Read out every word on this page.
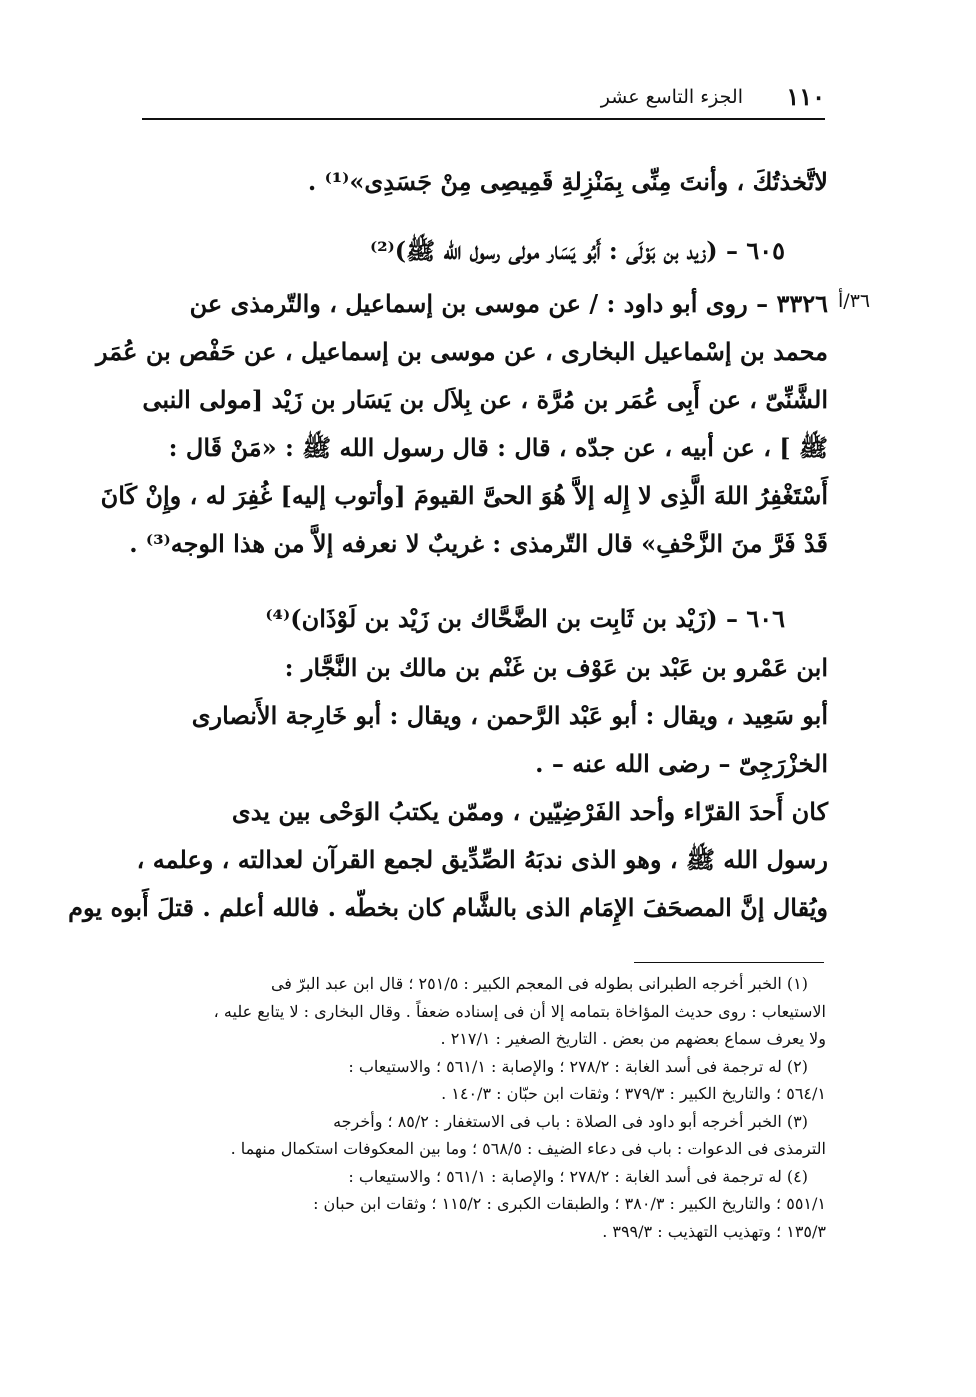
١١٠
الجزء التاسع عشر
٣٦/أ
لاتَّخذتُكَ ، وأنتَ مِنِّى بِمَنْزِلةِ قَمِيصِى مِنْ جَسَدِى»⁽¹⁾ .
٦٠٥ – (زيد بن بَوْلَى : أَبُو يَسَار مولى رسول الله ﷺ)⁽²⁾
٣٣٢٦ – روى أبو داود : / عن موسى بن إسماعيل ، والتّرمذى عن
محمد بن إسْماعيل البخارى ، عن موسى بن إسماعيل ، عن حَفْص بن عُمَر
الشَّنِّىّ ، عن أَبِى عُمَر بن مُرَّة ، عن بِلاَل بن يَسَار بن زَيْد [مولى النبى
ﷺ ] ، عن أبيه ، عن جدّه ، قال : قال رسول الله ﷺ : «مَنْ قَال :
أَسْتَغْفِرُ اللهَ الَّذِى لا إِله إلاَّ هُوَ الحىَّ القيومَ [وأتوب إليه] غُفِرَ له ، وإِنْ كَانَ
قَدْ فَرَّ منَ الزَّحْفِ» قال التّرمذى : غريبٌ لا نعرفه إلاَّ من هذا الوجه⁽³⁾ .
٦٠٦ – (زَيْد بن ثَابِت بن الضَّحَّاك بن زَيْد بن لَوْذَان)⁽⁴⁾
ابن عَمْرو بن عَبْد بن عَوْف بن غَنْم بن مالك بن النَّجَّار :
أبو سَعِيد ، ويقال : أبو عَبْد الرَّحمن ، ويقال : أبو خَارِجة الأَنصارى
الخزْرَجِىّ – رضى الله عنه – .
كان أَحدَ القرّاء وأحد الفَرْضِيّين ، وممّن يكتبُ الوَحْى بين يدى
رسول الله ﷺ ، وهو الذى ندبَهُ الصِّدِّيق لجمع القرآن لعدالته ، وعلمه ،
ويُقال إنَّ المصحَفَ الإِمَام الذى بالشَّام كان بخطّه . فالله أعلم . قتلَ أَبوه يوم
(١) الخبر أخرجه الطبرانى بطوله فى المعجم الكبير : ٢٥١/٥ ؛ قال ابن عبد البرّ فى
الاستيعاب : روى حديث المؤاخاة بتمامه إلا أن فى إسناده ضعفاً . وقال البخارى : لا يتابع عليه ،
ولا يعرف سماع بعضهم من بعض . التاريخ الصغير : ٢١٧/١ .
(٢) له ترجمة فى أسد الغابة : ٢٧٨/٢ ؛ والإصابة : ٥٦١/١ ؛ والاستيعاب :
٥٦٤/١ ؛ والتاريخ الكبير : ٣٧٩/٣ ؛ وثقات ابن حبّان : ١٤٠/٣ .
(٣) الخبر أخرجه أبو داود فى الصلاة : باب فى الاستغفار : ٨٥/٢ ؛ وأخرجه
الترمذى فى الدعوات : باب فى دعاء الضيف : ٥٦٨/٥ ؛ وما بين المعكوفات استكمال منهما .
(٤) له ترجمة فى أسد الغابة : ٢٧٨/٢ ؛ والإصابة : ٥٦١/١ ؛ والاستيعاب :
٥٥١/١ ؛ والتاريخ الكبير : ٣٨٠/٣ ؛ والطبقات الكبرى : ١١٥/٢ ؛ وثقات ابن حبان :
١٣٥/٣ ؛ وتهذيب التهذيب : ٣٩٩/٣ .
